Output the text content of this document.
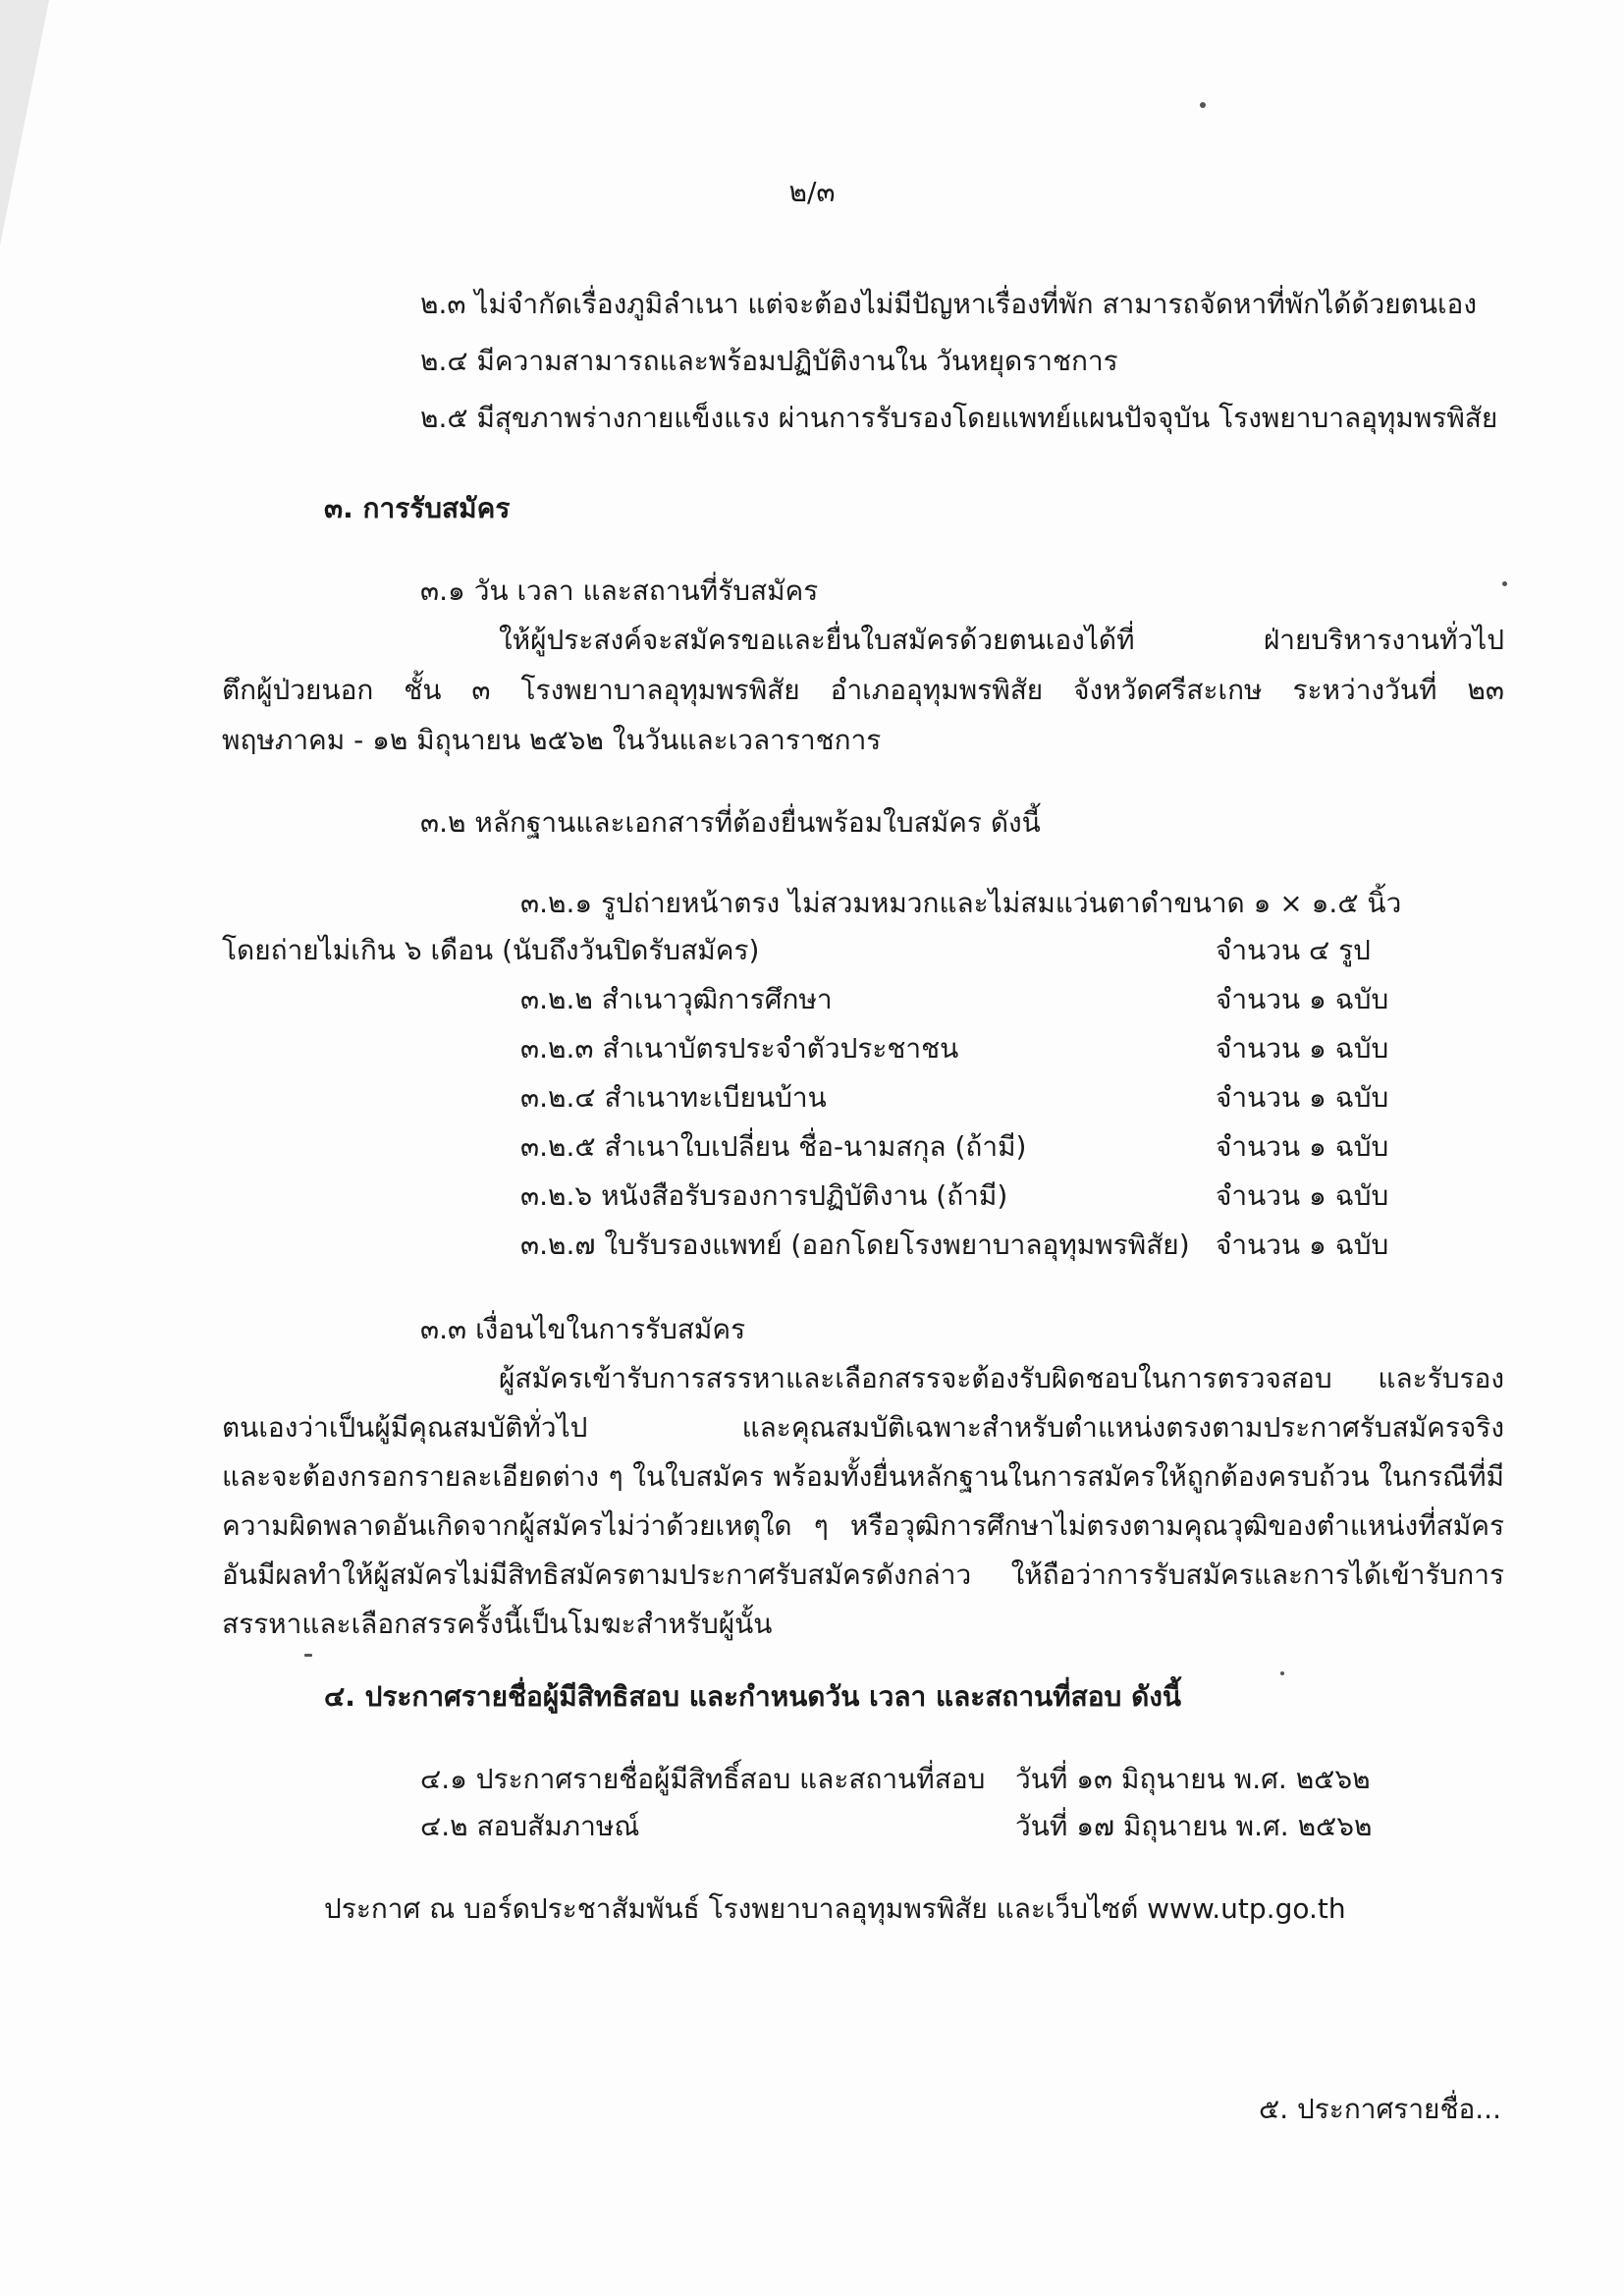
๒/๓
๒.๓ ไม่จำกัดเรื่องภูมิลำเนา แต่จะต้องไม่มีปัญหาเรื่องที่พัก สามารถจัดหาที่พักได้ด้วยตนเอง
๒.๔ มีความสามารถและพร้อมปฏิบัติงานใน วันหยุดราชการ
๒.๕ มีสุขภาพร่างกายแข็งแรง ผ่านการรับรองโดยแพทย์แผนปัจจุบัน โรงพยาบาลอุทุมพรพิสัย
๓. การรับสมัคร
๓.๑ วัน เวลา และสถานที่รับสมัคร
ให้ผู้ประสงค์จะสมัครขอและยื่นใบสมัครด้วยตนเองได้ที่ ฝ่ายบริหารงานทั่วไป
ตึกผู้ป่วยนอก ชั้น ๓ โรงพยาบาลอุทุมพรพิสัย อำเภออุทุมพรพิสัย จังหวัดศรีสะเกษ ระหว่างวันที่ ๒๓
พฤษภาคม - ๑๒ มิถุนายน ๒๕๖๒ ในวันและเวลาราชการ
๓.๒ หลักฐานและเอกสารที่ต้องยื่นพร้อมใบสมัคร ดังนี้
๓.๒.๑ รูปถ่ายหน้าตรง ไม่สวมหมวกและไม่สมแว่นตาดำขนาด ๑ × ๑.๕ นิ้ว
โดยถ่ายไม่เกิน ๖ เดือน (นับถึงวันปิดรับสมัคร)	จำนวน ๔ รูป
๓.๒.๒ สำเนาวุฒิการศึกษา	จำนวน ๑ ฉบับ
๓.๒.๓ สำเนาบัตรประจำตัวประชาชน	จำนวน ๑ ฉบับ
๓.๒.๔ สำเนาทะเบียนบ้าน	จำนวน ๑ ฉบับ
๓.๒.๕ สำเนาใบเปลี่ยน ชื่อ-นามสกุล (ถ้ามี)	จำนวน ๑ ฉบับ
๓.๒.๖ หนังสือรับรองการปฏิบัติงาน (ถ้ามี)	จำนวน ๑ ฉบับ
๓.๒.๗ ใบรับรองแพทย์ (ออกโดยโรงพยาบาลอุทุมพรพิสัย) จำนวน ๑ ฉบับ
๓.๓ เงื่อนไขในการรับสมัคร
ผู้สมัครเข้ารับการสรรหาและเลือกสรรจะต้องรับผิดชอบในการตรวจสอบ และรับรอง
ตนเองว่าเป็นผู้มีคุณสมบัติทั่วไป และคุณสมบัติเฉพาะสำหรับตำแหน่งตรงตามประกาศรับสมัครจริง
และจะต้องกรอกรายละเอียดต่าง ๆ ในใบสมัคร พร้อมทั้งยื่นหลักฐานในการสมัครให้ถูกต้องครบถ้วน ในกรณีที่มี
ความผิดพลาดอันเกิดจากผู้สมัครไม่ว่าด้วยเหตุใด ๆ หรือวุฒิการศึกษาไม่ตรงตามคุณวุฒิของตำแหน่งที่สมัคร
อันมีผลทำให้ผู้สมัครไม่มีสิทธิสมัครตามประกาศรับสมัครดังกล่าว ให้ถือว่าการรับสมัครและการได้เข้ารับการ
สรรหาและเลือกสรรครั้งนี้เป็นโมฆะสำหรับผู้นั้น
๔. ประกาศรายชื่อผู้มีสิทธิสอบ และกำหนดวัน เวลา และสถานที่สอบ ดังนี้
๔.๑ ประกาศรายชื่อผู้มีสิทธิ์สอบ และสถานที่สอบ วันที่ ๑๓ มิถุนายน พ.ศ. ๒๕๖๒
๔.๒ สอบสัมภาษณ์	วันที่ ๑๗ มิถุนายน พ.ศ. ๒๕๖๒
ประกาศ ณ บอร์ดประชาสัมพันธ์ โรงพยาบาลอุทุมพรพิสัย และเว็บไซต์ www.utp.go.th
๕. ประกาศรายชื่อ...
